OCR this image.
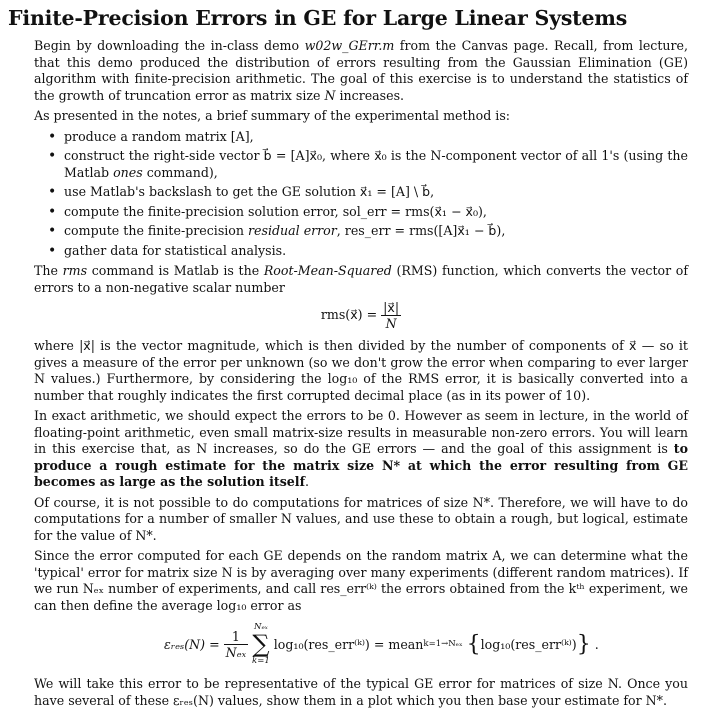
Finite-Precision Errors in GE for Large Linear Systems

Begin by downloading the in-class demo w02w_GErr.m from the Canvas page. Recall, from lecture, that this demo produced the distribution of errors resulting from the Gaussian Elimination (GE) algorithm with finite-precision arithmetic. The goal of this exercise is to understand the statistics of the growth of truncation error as matrix size N increases.

As presented in the notes, a brief summary of the experimental method is:

• produce a random matrix [A],
• construct the right-side vector b⃗ = [A]x⃗₀, where x⃗₀ is the N-component vector of all 1's (using the Matlab ones command),
• use Matlab's backslash to get the GE solution x⃗₁ = [A] \ b⃗,
• compute the finite-precision solution error, sol_err = rms(x⃗₁ − x⃗₀),
• compute the finite-precision residual error, res_err = rms([A]x⃗₁ − b⃗),
• gather data for statistical analysis.

The rms command is Matlab is the Root-Mean-Squared (RMS) function, which converts the vector of errors to a non-negative scalar number

rms(x⃗) = $\frac{|x⃗|}{N}$

where |x⃗| is the vector magnitude, which is then divided by the number of components of x⃗ — so it gives a measure of the error per unknown (so we don't grow the error when comparing to ever larger N values.) Furthermore, by considering the log₁₀ of the RMS error, it is basically converted into a number that roughly indicates the first corrupted decimal place (as in its power of 10).

In exact arithmetic, we should expect the errors to be 0. However as seem in lecture, in the world of floating-point arithmetic, even small matrix-size results in measurable non-zero errors. You will learn in this exercise that, as N increases, so do the GE errors — and the goal of this assignment is to produce a rough estimate for the matrix size N* at which the error resulting from GE becomes as large as the solution itself.

Of course, it is not possible to do computations for matrices of size N*. Therefore, we will have to do computations for a number of smaller N values, and use these to obtain a rough, but logical, estimate for the value of N*.

Since the error computed for each GE depends on the random matrix A, we can determine what the 'typical' error for matrix size N is by averaging over many experiments (different random matrices). If we run Nₑₓ number of experiments, and call res_err⁽ᵏ⁾ the errors obtained from the kᵗʰ experiment, we can then define the average log₁₀ error as

εᵣₑₛ(N) =
$\frac{1}{\text{Nₑₓ}}$
Nₑₓ
∑
k=1
log₁₀(res_err⁽ᵏ⁾) = mean k=1→Nₑₓ
{ log₁₀(res_err⁽ᵏ⁾) }
.

We will take this error to be representative of the typical GE error for matrices of size N. Once you have several of these εᵣₑₛ(N) values, show them in a plot which you then base your estimate for N*.
